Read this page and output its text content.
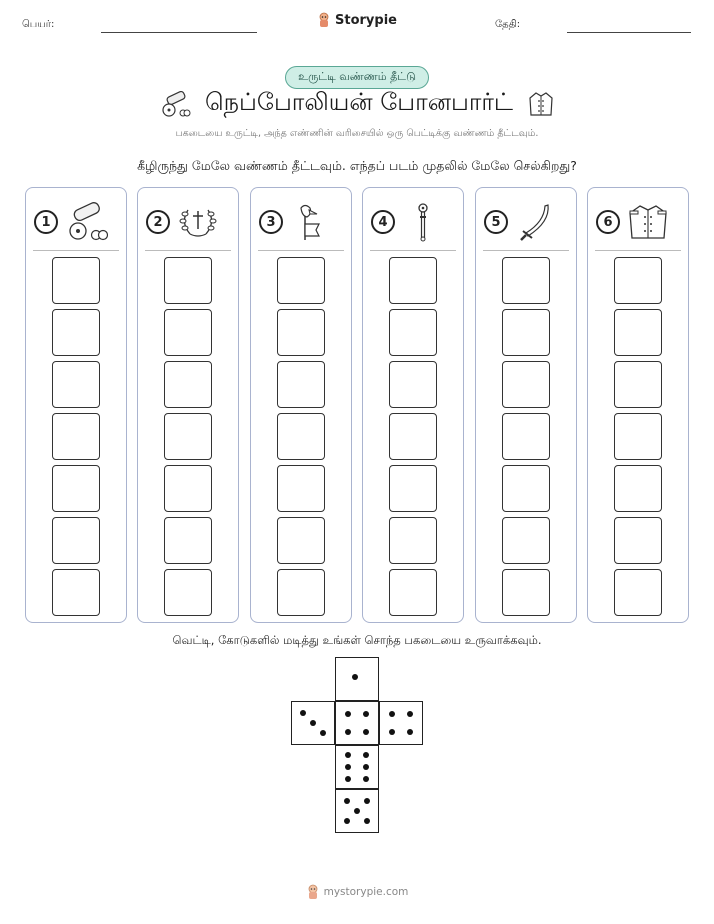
பெயர்:	Storypie	தேதி:
உருட்டி வண்ணம் தீட்டு
நெப்போலியன் போனபார்ட்

பகடையை உருட்டி, அந்த எண்ணின் வரிசையில் ஒரு பெட்டிக்கு வண்ணம் தீட்டவும்.

கீழிருந்து மேலே வண்ணம் தீட்டவும். எந்தப் படம் முதலில் மேலே செல்கிறது?

1	2	3	4	5	6

வெட்டி, கோடுகளில் மடித்து உங்கள் சொந்த பகடையை உருவாக்கவும்.

mystorypie.com
